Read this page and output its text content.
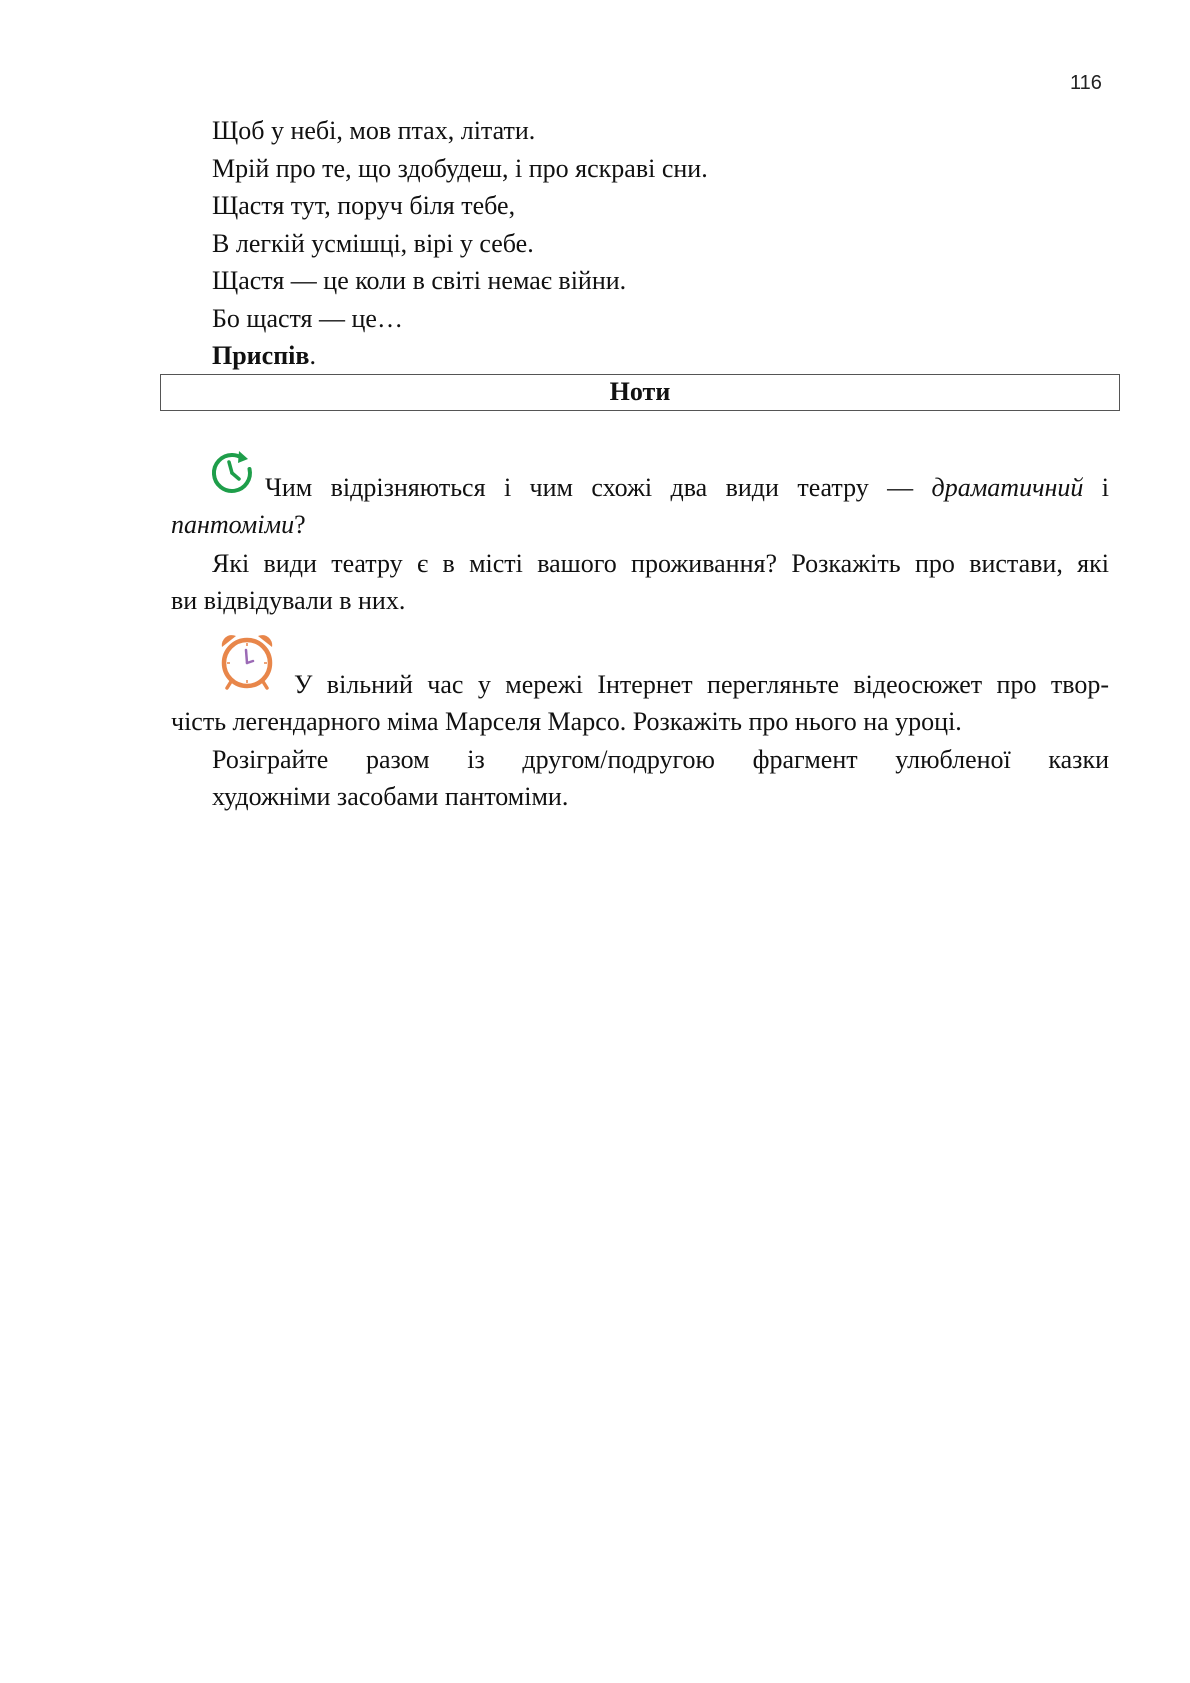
116
Щоб у небі, мов птах, літати.
Мрій про те, що здобудеш, і про яскраві сни.
Щастя тут, поруч біля тебе,
В легкій усмішці, вірі у себе.
Щастя — це коли в світі немає війни.
Бо щастя — це…
Приспів.
Ноти
Чим відрізняються і чим схожі два види театру — драматичний і
пантоміми?
Які види театру є в місті вашого проживання? Розкажіть про вистави, які
ви відвідували в них.
У вільний час у мережі Інтернет перегляньте відеосюжет про твор-
чість легендарного міма Марселя Марсо. Розкажіть про нього на уроці.
Розіграйте разом із другом/подругою фрагмент улюбленої казки
художніми засобами пантоміми.
